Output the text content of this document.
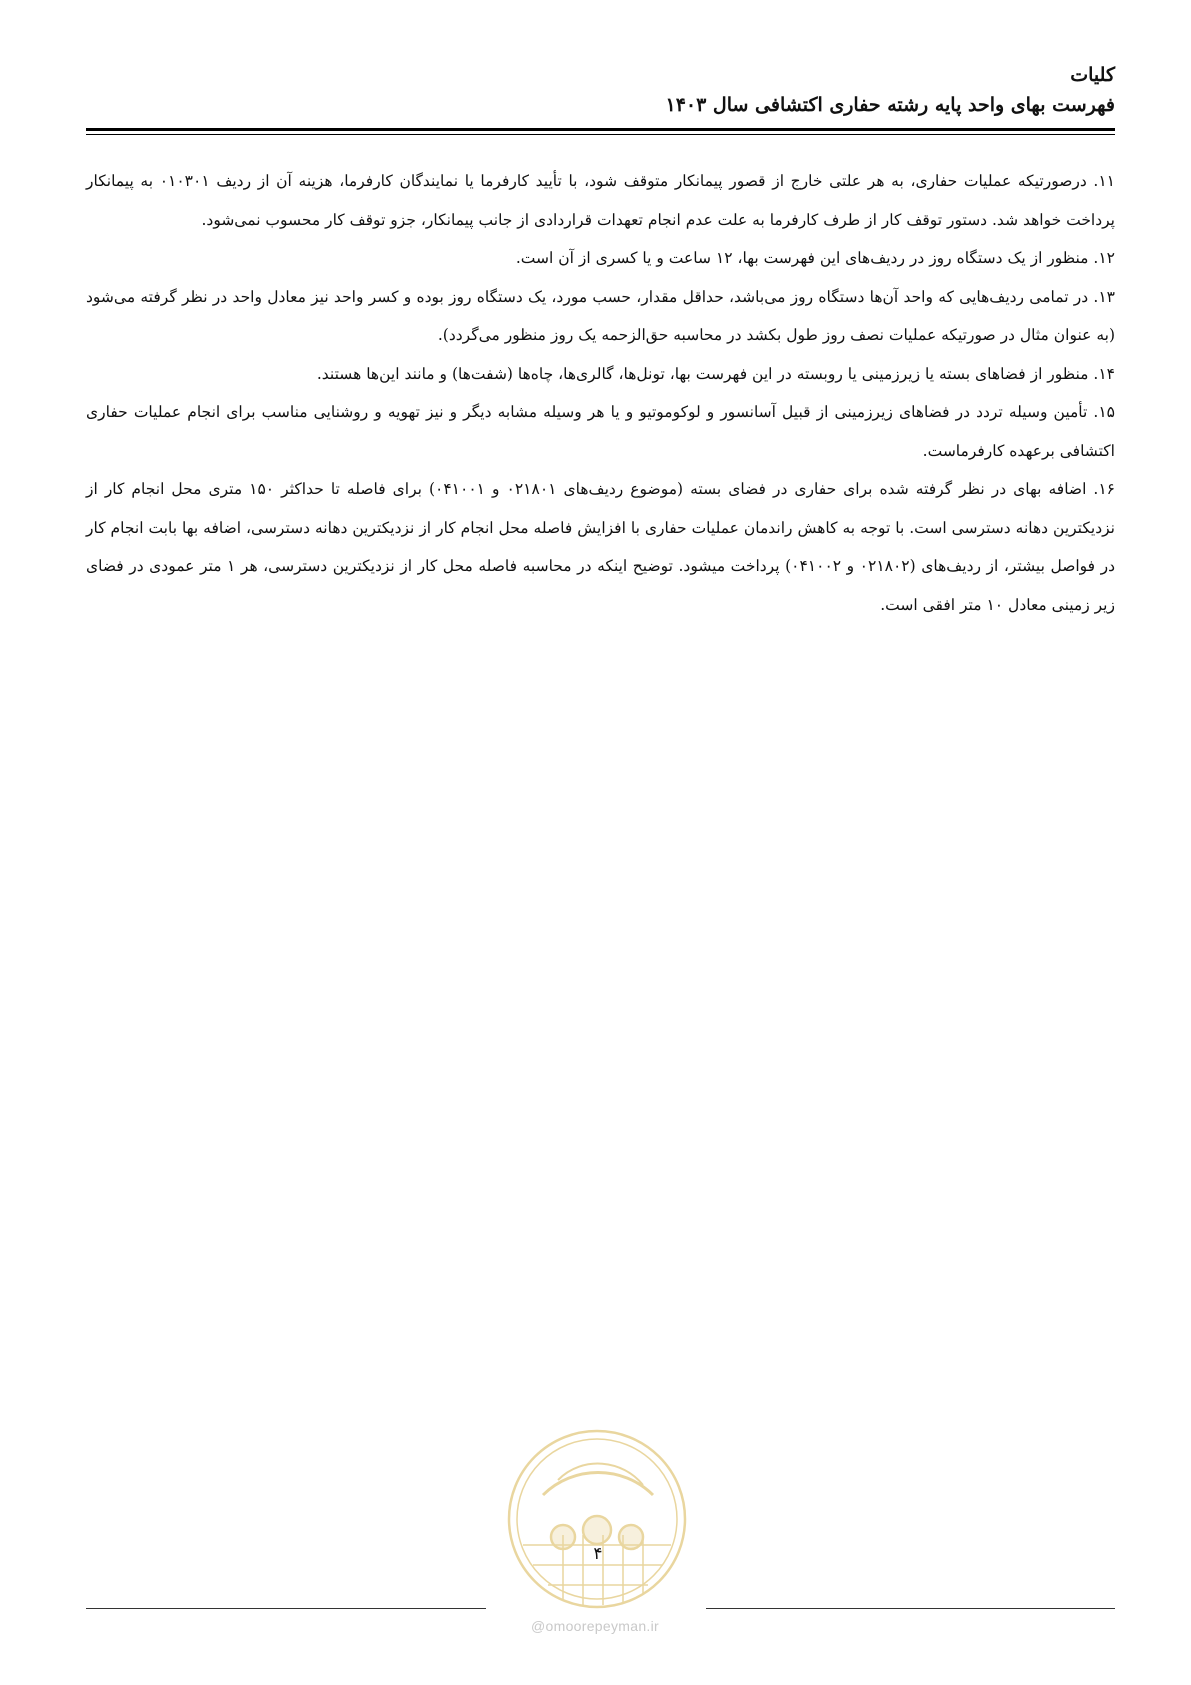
کلیات
فهرست بهای واحد پایه رشته حفاری اکتشافی سال ۱۴۰۳

۱۱. درصورتیکه عملیات حفاری، به هر علتی خارج از قصور پیمانکار متوقف شود، با تأیید کارفرما یا نمایندگان کارفرما، هزینه آن از ردیف ۰۱۰۳۰۱ به پیمانکار پرداخت خواهد شد. دستور توقف کار از طرف کارفرما به علت عدم انجام تعهدات قراردادی از جانب پیمانکار، جزو توقف کار محسوب نمی‌شود.

۱۲. منظور از یک دستگاه روز در ردیف‌های این فهرست بها، ۱۲ ساعت و یا کسری از آن است.

۱۳. در تمامی ردیف‌هایی که واحد آن‌ها دستگاه روز می‌باشد، حداقل مقدار، حسب مورد، یک دستگاه روز بوده و کسر واحد نیز معادل واحد در نظر گرفته می‌شود (به عنوان مثال در صورتیکه عملیات نصف روز طول بکشد در محاسبه حق‌الزحمه یک روز منظور می‌گردد).

۱۴. منظور از فضاهای بسته یا زیرزمینی یا روبسته در این فهرست بها، تونل‌ها، گالری‌ها، چاه‌ها (شفت‌ها) و مانند این‌ها هستند.

۱۵. تأمین وسیله تردد در فضاهای زیرزمینی از قبیل آسانسور و لوکوموتیو و یا هر وسیله مشابه دیگر و نیز تهویه و روشنایی مناسب برای انجام عملیات حفاری اکتشافی برعهده کارفرماست.

۱۶. اضافه بهای در نظر گرفته شده برای حفاری در فضای بسته (موضوع ردیف‌های ۰۲۱۸۰۱ و ۰۴۱۰۰۱) برای فاصله تا حداکثر ۱۵۰ متری محل انجام کار از نزدیکترین دهانه دسترسی است. با توجه به کاهش راندمان عملیات حفاری با افزایش فاصله محل انجام کار از نزدیکترین دهانه دسترسی، اضافه بها بابت انجام کار در فواصل بیشتر، از ردیف‌های (۰۲۱۸۰۲ و ۰۴۱۰۰۲) پرداخت میشود. توضیح اینکه در محاسبه فاصله محل کار از نزدیکترین دسترسی، هر ۱ متر عمودی در فضای زیر زمینی معادل ۱۰ متر افقی است.

۴
@omoorepeyman.ir
